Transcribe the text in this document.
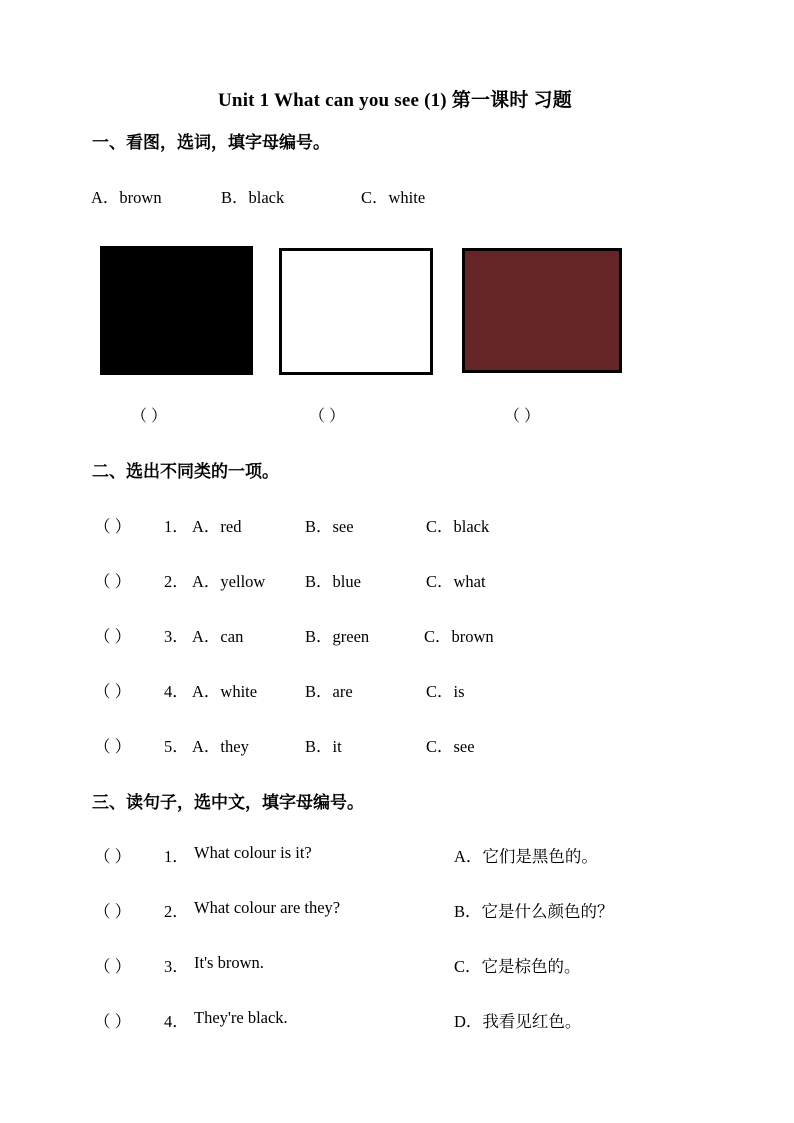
Unit 1 What can you see (1) 第一课时 习题
一、看图，选词，填字母编号。
A．brown	B．black	C．white
（ ）	（ ）	（ ）
二、选出不同类的一项。
（ ） 1． A．red	B．see	C．black
（ ） 2． A．yellow B．blue	C．what
（ ） 3． A．can	B．green	C．brown
（ ） 4． A．white	B．are	C．is
（ ） 5． A．they	B．it	C．see
三、读句子，选中文，填字母编号。
（ ） 1． What colour is it?	A．它们是黑色的。
（ ） 2． What colour are they?	B．它是什么颜色的？
（ ） 3． It's brown.	C．它是棕色的。
（ ） 4． They're black.	D．我看见红色。
